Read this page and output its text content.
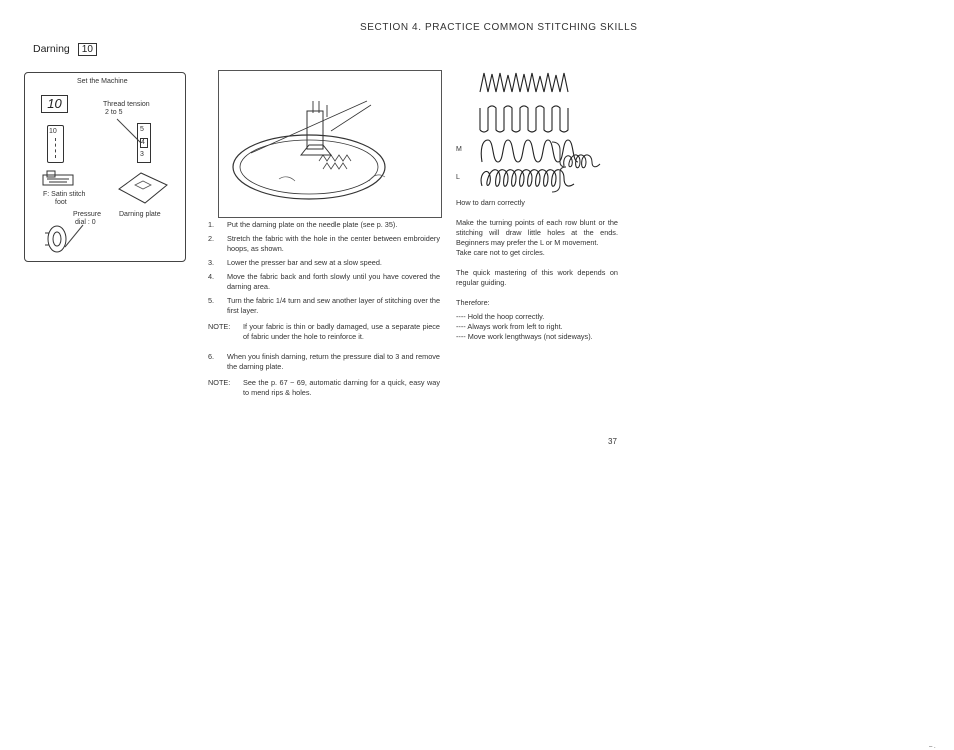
SECTION 4. PRACTICE COMMON STITCHING SKILLS
Darning 10
Set the Machine
10
10
Thread tension
2 to 5
5
4
3
F: Satin stitch
foot
Darning plate
Pressure
dial : 0
M
L
1.	Put the darning plate on the needle plate (see p. 35).
2.	Stretch the fabric with the hole in the center between embroidery hoops, as shown.
3.	Lower the presser bar and sew at a slow speed.
4.	Move the fabric back and forth slowly until you have covered the darning area.
5.	Turn the fabric 1/4 turn and sew another layer of stitching over the first layer.
NOTE:	If your fabric is thin or badly damaged, use a separate piece of fabric under the hole to reinforce it.
6.	When you finish darning, return the pressure dial to 3 and remove the darning plate.
NOTE:	See the p. 67 ~ 69, automatic darning for a quick, easy way to mend rips & holes.

How to darn correctly

Make the turning points of each row blunt or the stitching will draw little holes at the ends. Beginners may prefer the L or M movement.

Take care not to get circles.

The quick mastering of this work depends on regular guiding.

Therefore:

---- Hold the hoop correctly.

---- Always work from left to right.

---- Move work lengthways (not sideways).

37
– .
